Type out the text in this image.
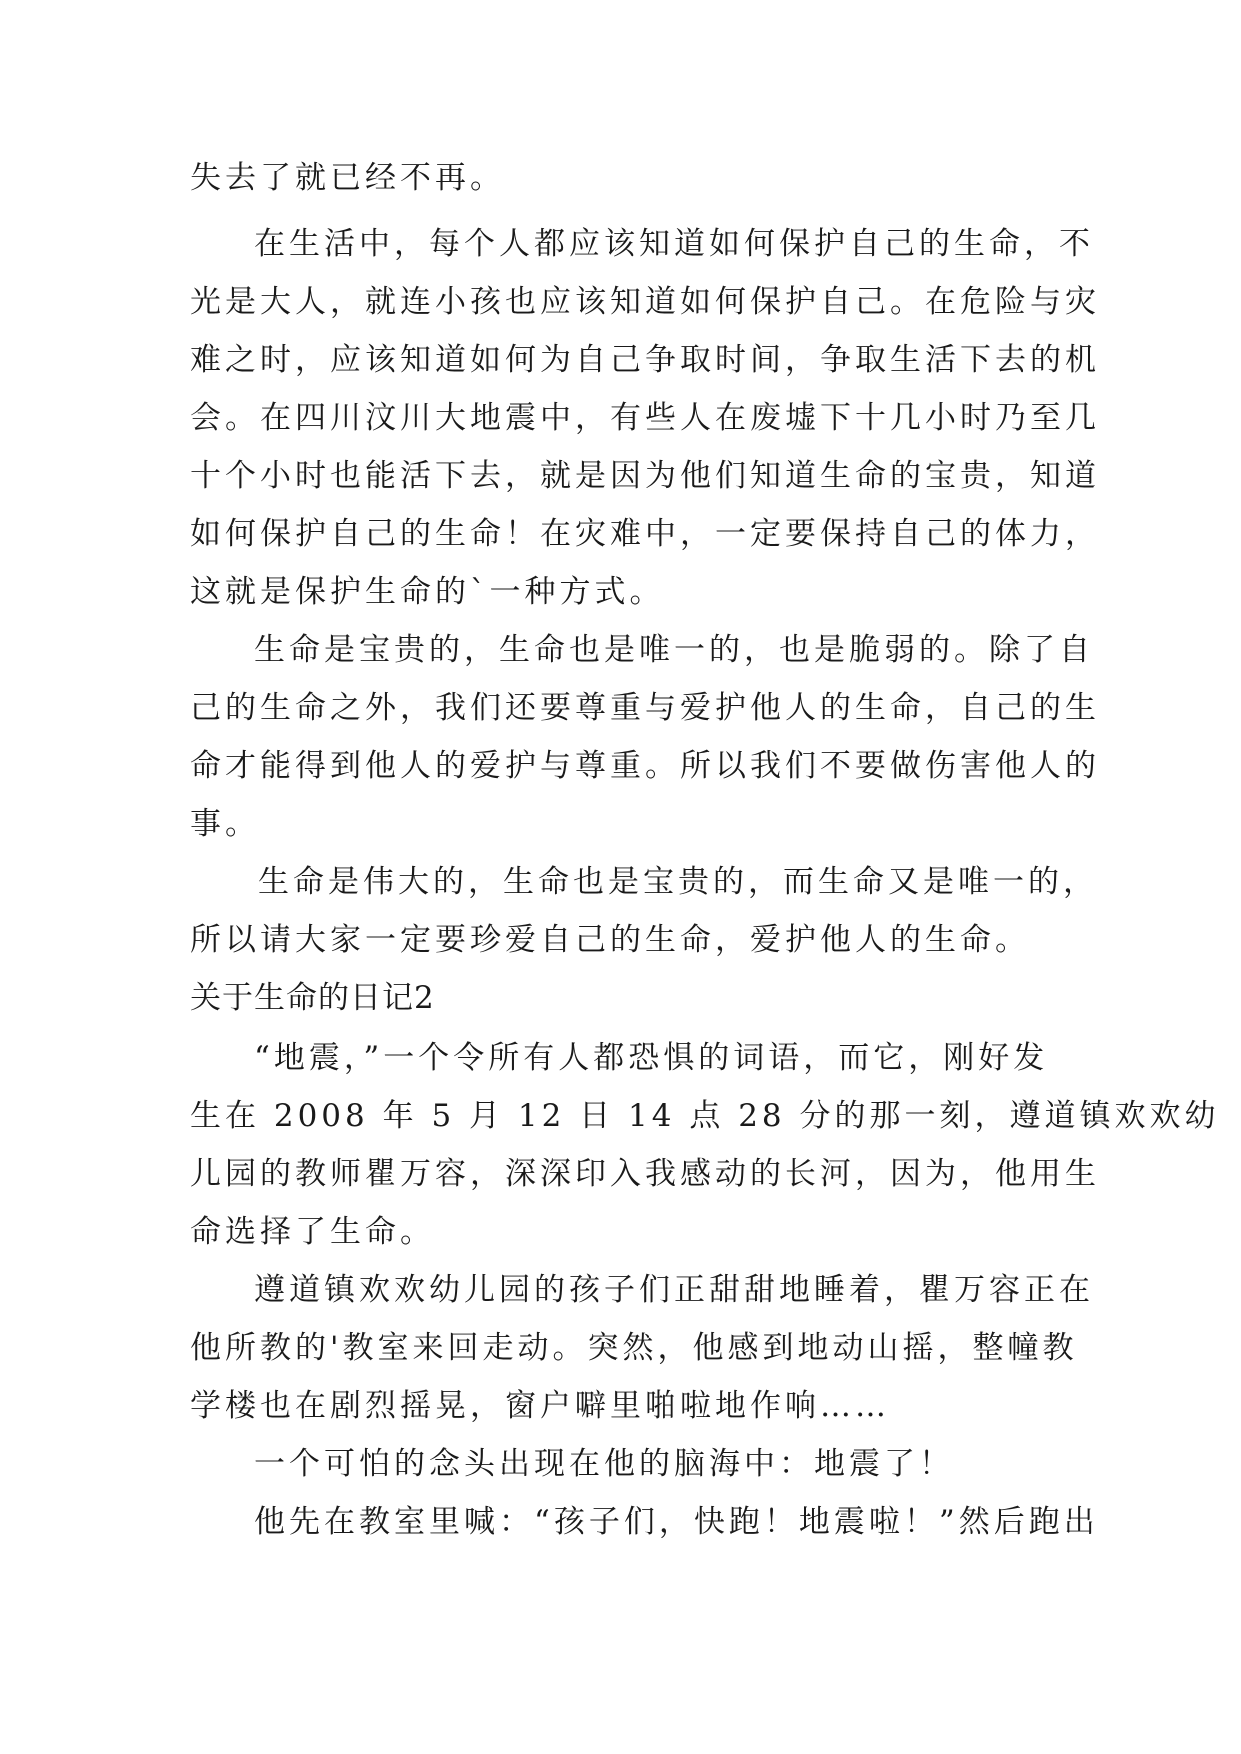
失去了就已经不再。
在生活中，每个人都应该知道如何保护自己的生命，不
光是大人，就连小孩也应该知道如何保护自己。在危险与灾
难之时，应该知道如何为自己争取时间，争取生活下去的机
会。在四川汶川大地震中，有些人在废墟下十几小时乃至几
十个小时也能活下去，就是因为他们知道生命的宝贵，知道
如何保护自己的生命！在灾难中，一定要保持自己的体力，
这就是保护生命的`一种方式。
生命是宝贵的，生命也是唯一的，也是脆弱的。除了自
己的生命之外，我们还要尊重与爱护他人的生命，自己的生
命才能得到他人的爱护与尊重。所以我们不要做伤害他人的
事。
生命是伟大的，生命也是宝贵的，而生命又是唯一的，
所以请大家一定要珍爱自己的生命，爱护他人的生命。
关于生命的日记2
“地震，”一个令所有人都恐惧的词语，而它，刚好发
生在 2008 年 5 月 12 日 14 点 28 分的那一刻，遵道镇欢欢幼
儿园的教师瞿万容，深深印入我感动的长河，因为，他用生
命选择了生命。
遵道镇欢欢幼儿园的孩子们正甜甜地睡着，瞿万容正在
他所教的'教室来回走动。突然，他感到地动山摇，整幢教
学楼也在剧烈摇晃，窗户噼里啪啦地作响……
一个可怕的念头出现在他的脑海中：地震了！
他先在教室里喊：“孩子们，快跑！地震啦！”然后跑出
